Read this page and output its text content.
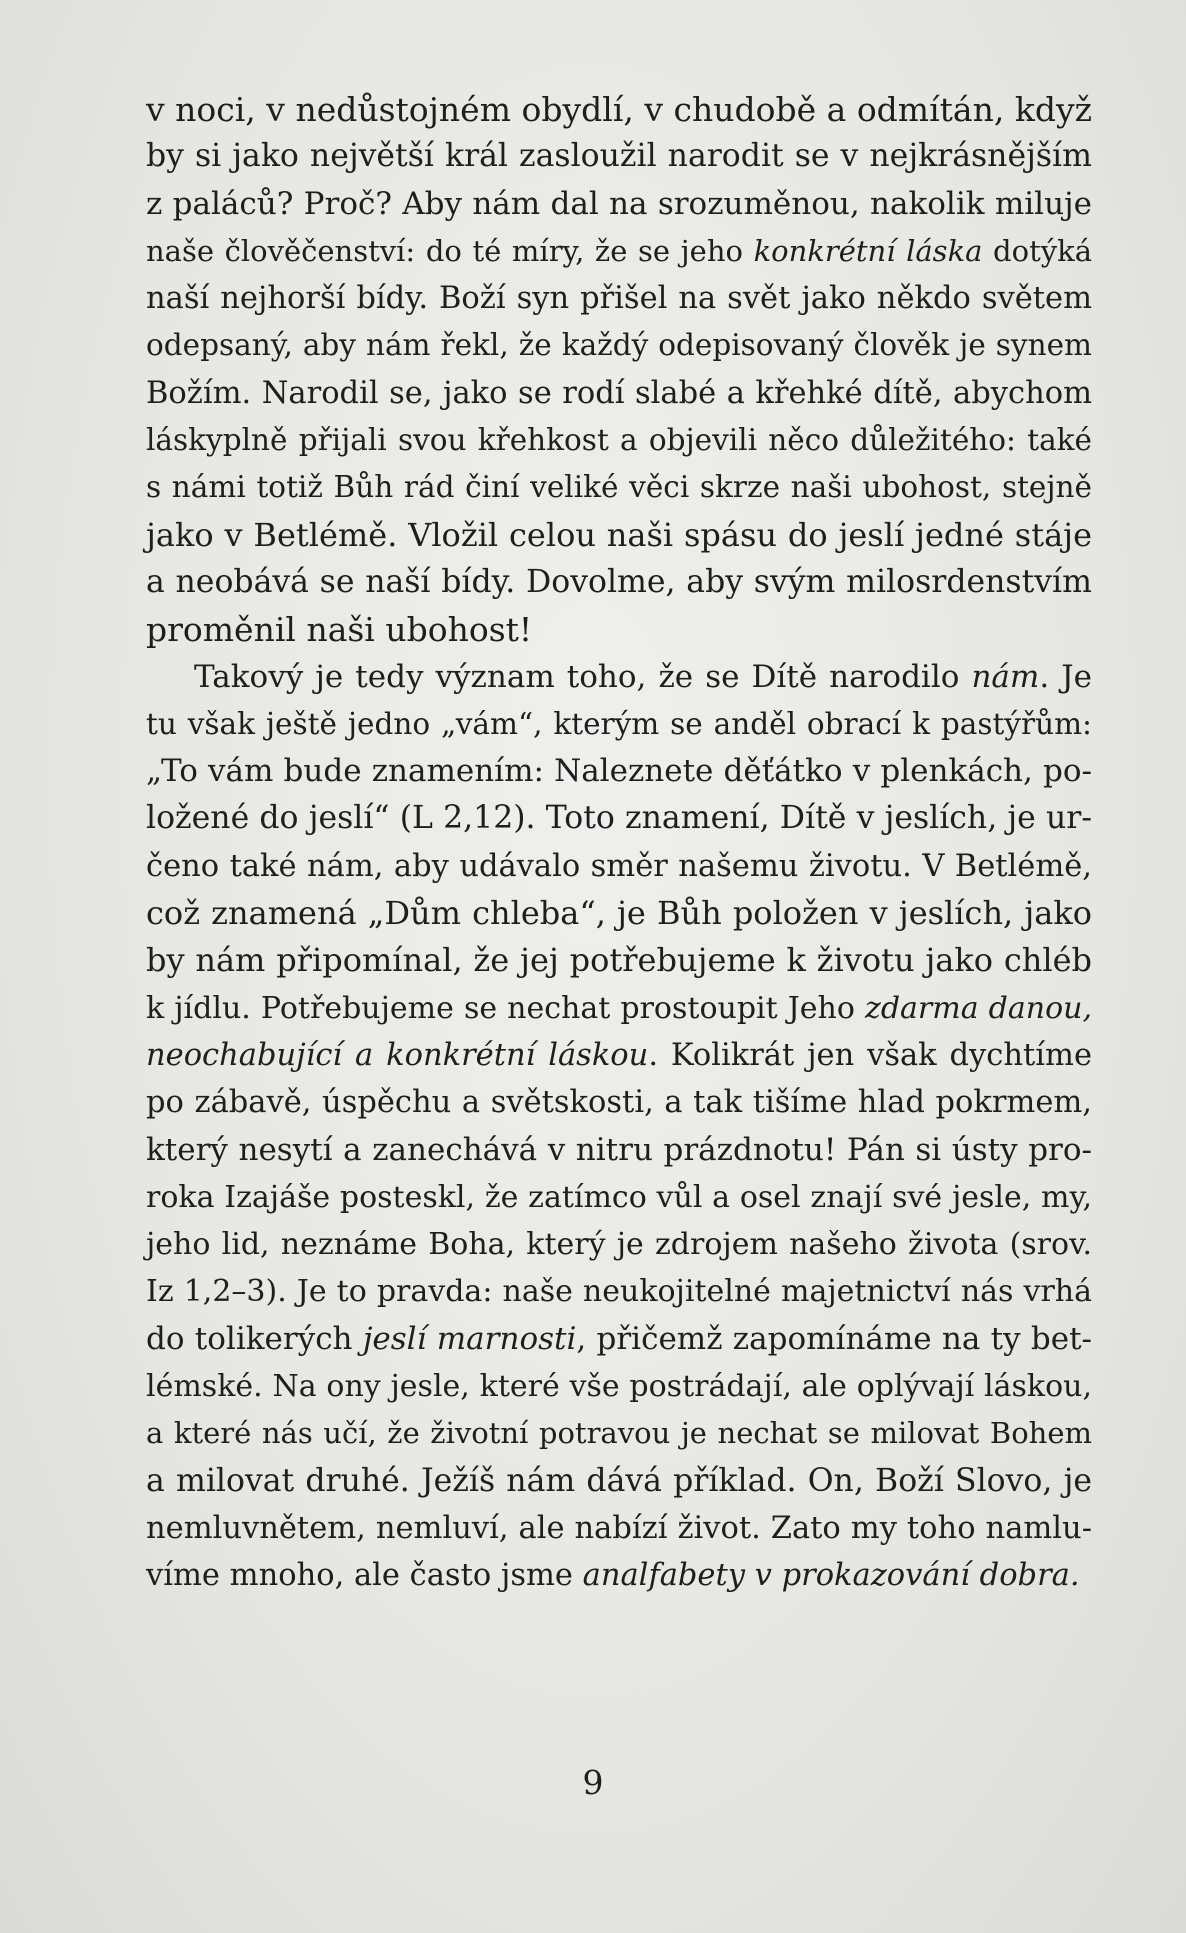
v noci, v nedůstojném obydlí, v chudobě a odmítán, když
by si jako největší král zasloužil narodit se v nejkrásnějším
z paláců? Proč? Aby nám dal na srozuměnou, nakolik miluje
naše člověčenství: do té míry, že se jeho konkrétní láska dotýká
naší nejhorší bídy. Boží syn přišel na svět jako někdo světem
odepsaný, aby nám řekl, že každý odepisovaný člověk je synem
Božím. Narodil se, jako se rodí slabé a křehké dítě, abychom
láskyplně přijali svou křehkost a objevili něco důležitého: také
s námi totiž Bůh rád činí veliké věci skrze naši ubohost, stejně
jako v Betlémě. Vložil celou naši spásu do jeslí jedné stáje
a neobává se naší bídy. Dovolme, aby svým milosrdenstvím
proměnil naši ubohost!
Takový je tedy význam toho, že se Dítě narodilo nám. Je
tu však ještě jedno „vám“, kterým se anděl obrací k pastýřům:
„To vám bude znamením: Naleznete děťátko v plenkách, po-
ložené do jeslí“ (L 2,12). Toto znamení, Dítě v jeslích, je ur-
čeno také nám, aby udávalo směr našemu životu. V Betlémě,
což znamená „Dům chleba“, je Bůh položen v jeslích, jako
by nám připomínal, že jej potřebujeme k životu jako chléb
k jídlu. Potřebujeme se nechat prostoupit Jeho zdarma danou,
neochabující a konkrétní láskou. Kolikrát jen však dychtíme
po zábavě, úspěchu a světskosti, a tak tišíme hlad pokrmem,
který nesytí a zanechává v nitru prázdnotu! Pán si ústy pro-
roka Izajáše posteskl, že zatímco vůl a osel znají své jesle, my,
jeho lid, neznáme Boha, který je zdrojem našeho života (srov.
Iz 1,2–3). Je to pravda: naše neukojitelné majetnictví nás vrhá
do tolikerých jeslí marnosti, přičemž zapomínáme na ty bet-
lémské. Na ony jesle, které vše postrádají, ale oplývají láskou,
a které nás učí, že životní potravou je nechat se milovat Bohem
a milovat druhé. Ježíš nám dává příklad. On, Boží Slovo, je
nemluvnětem, nemluví, ale nabízí život. Zato my toho namlu-
víme mnoho, ale často jsme analfabety v prokazování dobra.
9
